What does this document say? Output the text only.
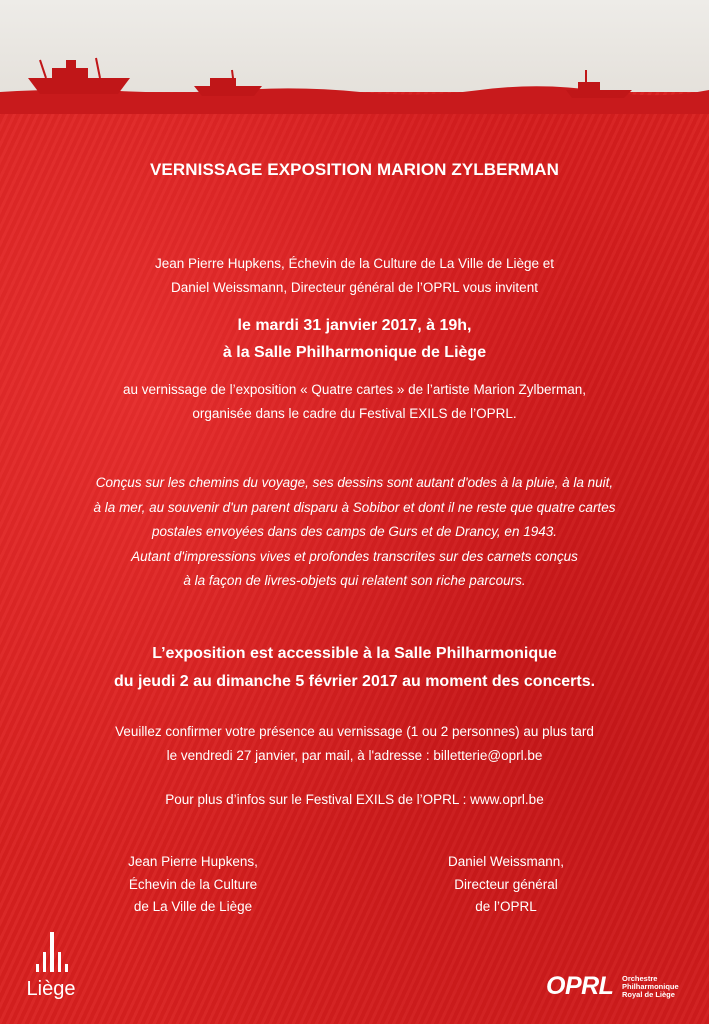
VERNISSAGE EXPOSITION MARION ZYLBERMAN
Jean Pierre Hupkens, Échevin de la Culture de La Ville de Liège et
Daniel Weissmann, Directeur général de l’OPRL vous invitent
le mardi 31 janvier 2017, à 19h,
à la Salle Philharmonique de Liège
au vernissage de l’exposition « Quatre cartes » de l’artiste Marion Zylberman,
organisée dans le cadre du Festival EXILS de l’OPRL.
Conçus sur les chemins du voyage, ses dessins sont autant d'odes à la pluie, à la nuit,
à la mer, au souvenir d'un parent disparu à Sobibor et dont il ne reste que quatre cartes
postales envoyées dans des camps de Gurs et de Drancy, en 1943.
Autant d'impressions vives et profondes transcrites sur des carnets conçus
à la façon de livres-objets qui relatent son riche parcours.
L’exposition est accessible à la Salle Philharmonique
du jeudi 2 au dimanche 5 février 2017 au moment des concerts.
Veuillez confirmer votre présence au vernissage (1 ou 2 personnes) au plus tard
le vendredi 27 janvier, par mail, à l'adresse : billetterie@oprl.be
Pour plus d’infos sur le Festival EXILS de l’OPRL : www.oprl.be
Jean Pierre Hupkens,
Échevin de la Culture
de La Ville de Liège
Daniel Weissmann,
Directeur général
de l’OPRL
Liège	OPRL Orchestre
Philharmonique
Royal de Liège
